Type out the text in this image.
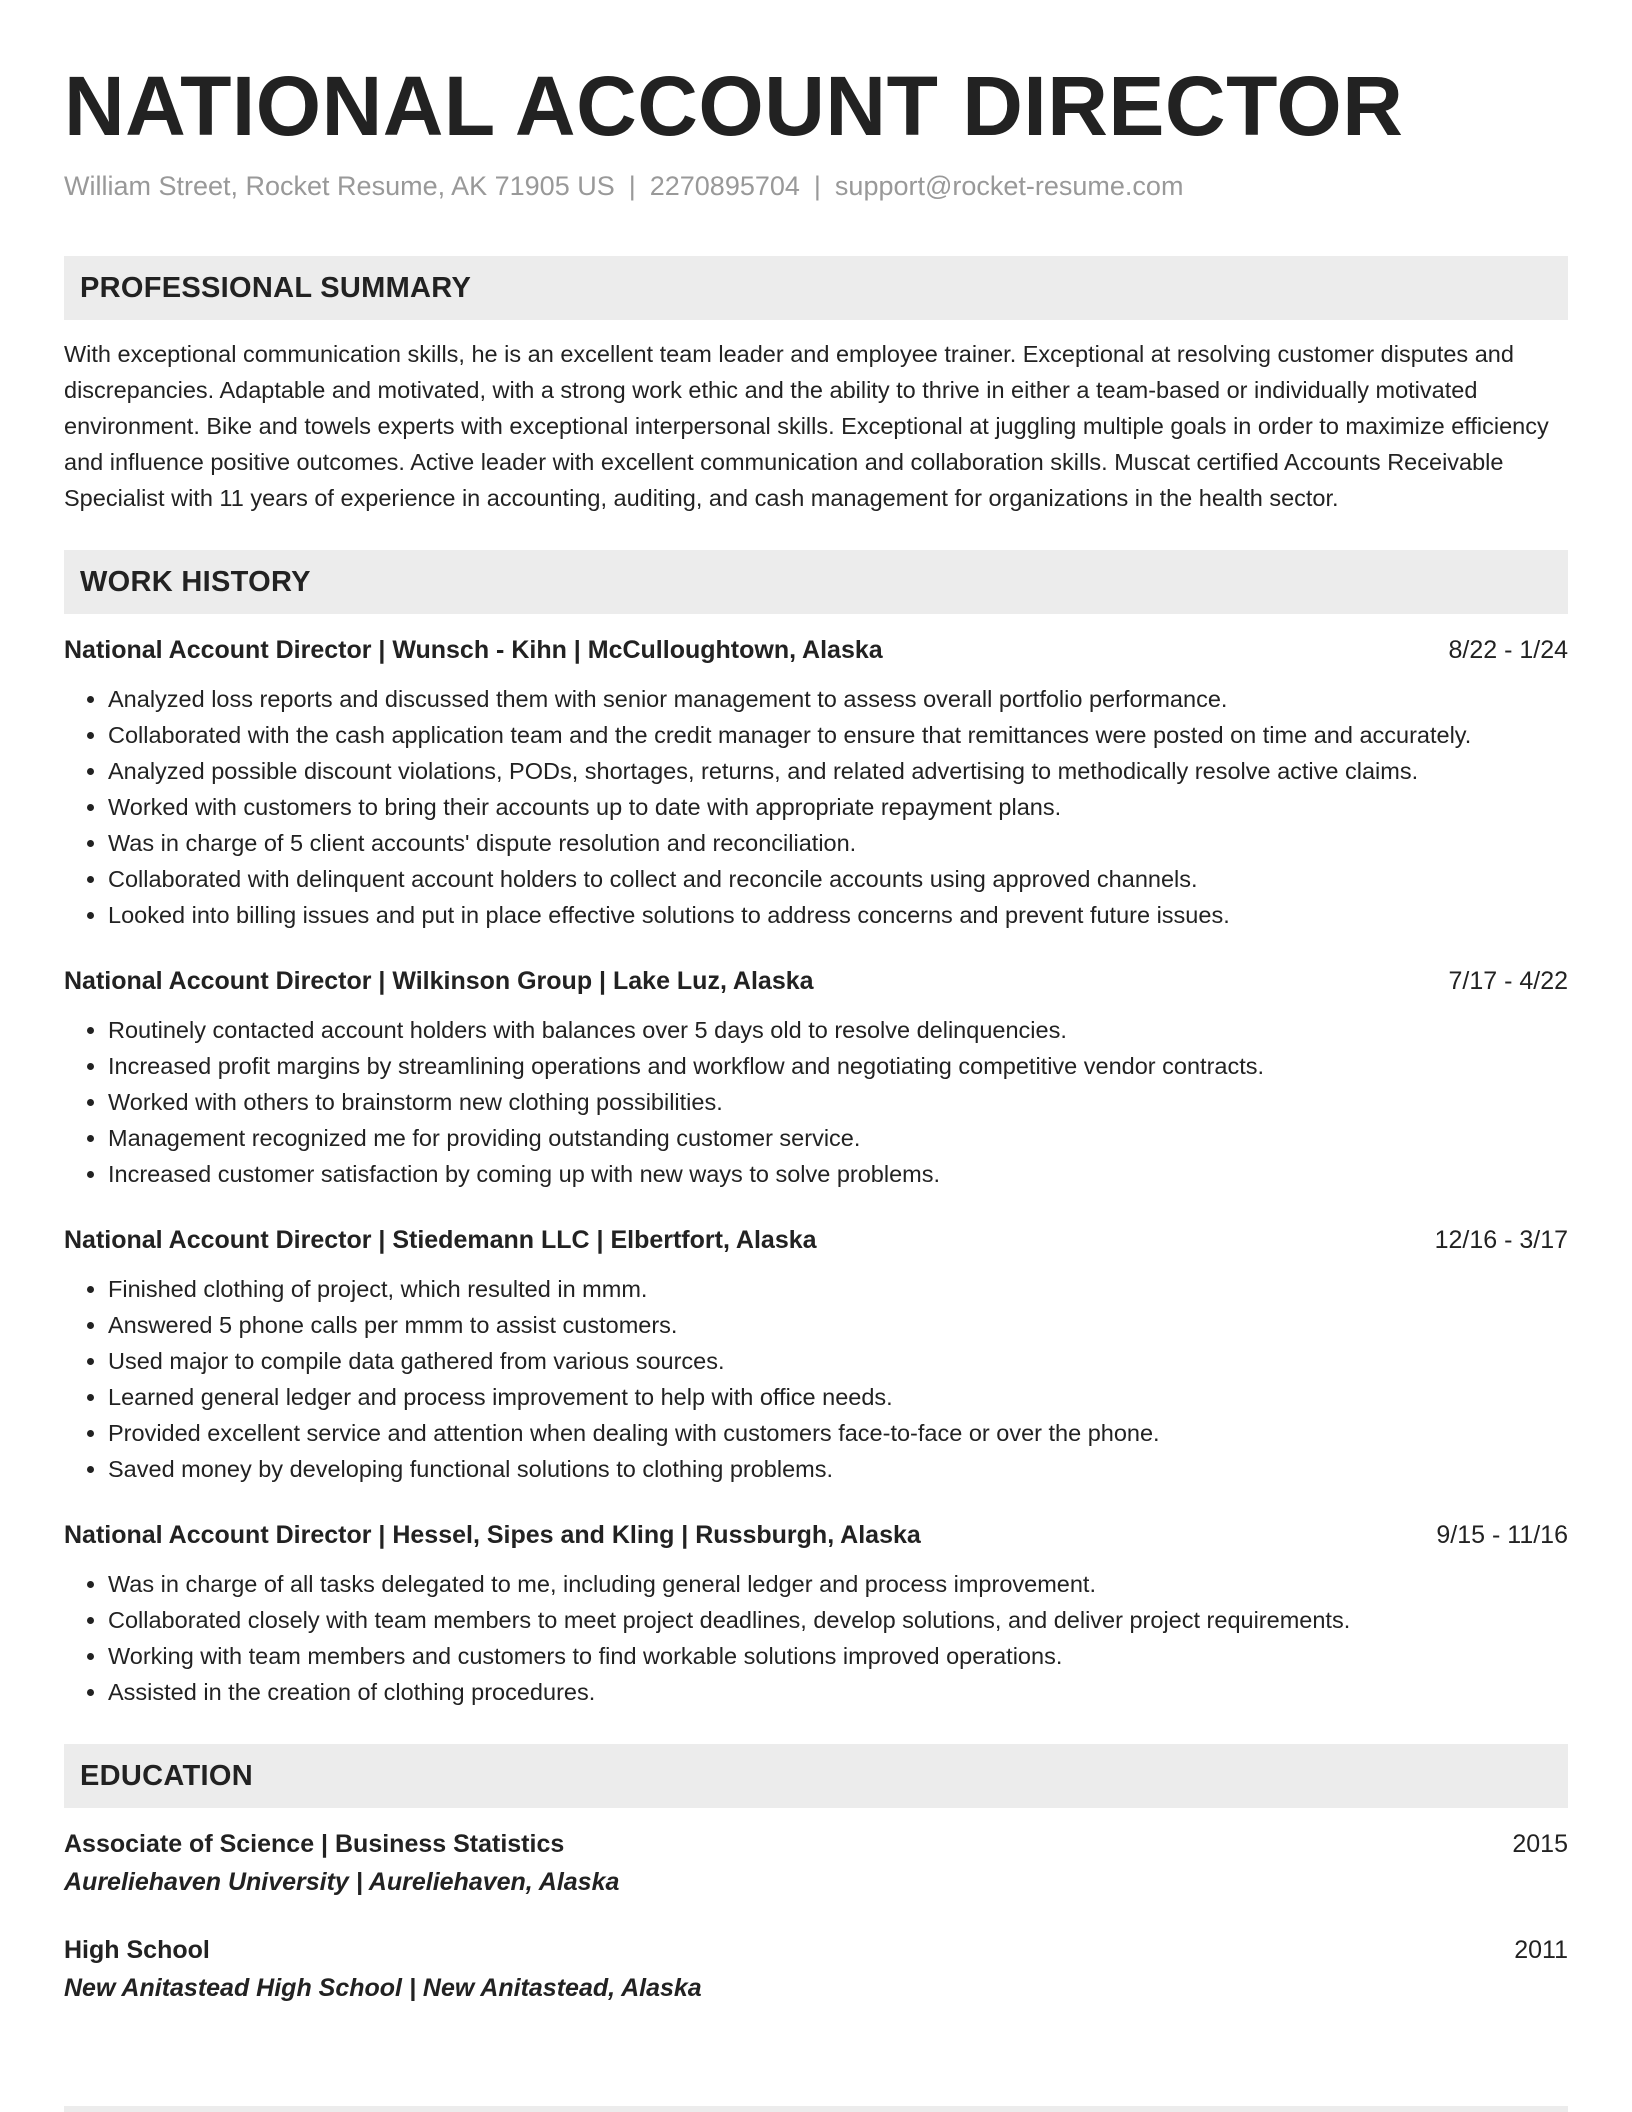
NATIONAL ACCOUNT DIRECTOR
William Street, Rocket Resume, AK 71905 US | 2270895704 | support@rocket-resume.com
PROFESSIONAL SUMMARY

With exceptional communication skills, he is an excellent team leader and employee trainer. Exceptional at resolving customer disputes and discrepancies. Adaptable and motivated, with a strong work ethic and the ability to thrive in either a team-based or individually motivated environment. Bike and towels experts with exceptional interpersonal skills. Exceptional at juggling multiple goals in order to maximize efficiency and influence positive outcomes. Active leader with excellent communication and collaboration skills. Muscat certified Accounts Receivable Specialist with 11 years of experience in accounting, auditing, and cash management for organizations in the health sector.

WORK HISTORY
National Account Director | Wunsch - Kihn | McCulloughtown, Alaska	8/22 - 1/24
• Analyzed loss reports and discussed them with senior management to assess overall portfolio performance.
• Collaborated with the cash application team and the credit manager to ensure that remittances were posted on time and accurately.
• Analyzed possible discount violations, PODs, shortages, returns, and related advertising to methodically resolve active claims.
• Worked with customers to bring their accounts up to date with appropriate repayment plans.
• Was in charge of 5 client accounts' dispute resolution and reconciliation.
• Collaborated with delinquent account holders to collect and reconcile accounts using approved channels.
• Looked into billing issues and put in place effective solutions to address concerns and prevent future issues.
National Account Director | Wilkinson Group | Lake Luz, Alaska	7/17 - 4/22
• Routinely contacted account holders with balances over 5 days old to resolve delinquencies.
• Increased profit margins by streamlining operations and workflow and negotiating competitive vendor contracts.
• Worked with others to brainstorm new clothing possibilities.
• Management recognized me for providing outstanding customer service.
• Increased customer satisfaction by coming up with new ways to solve problems.
National Account Director | Stiedemann LLC | Elbertfort, Alaska	12/16 - 3/17
• Finished clothing of project, which resulted in mmm.
• Answered 5 phone calls per mmm to assist customers.
• Used major to compile data gathered from various sources.
• Learned general ledger and process improvement to help with office needs.
• Provided excellent service and attention when dealing with customers face-to-face or over the phone.
• Saved money by developing functional solutions to clothing problems.
National Account Director | Hessel, Sipes and Kling | Russburgh, Alaska	9/15 - 11/16
• Was in charge of all tasks delegated to me, including general ledger and process improvement.
• Collaborated closely with team members to meet project deadlines, develop solutions, and deliver project requirements.
• Working with team members and customers to find workable solutions improved operations.
• Assisted in the creation of clothing procedures.
EDUCATION
Associate of Science | Business Statistics	2015
Aureliehaven University | Aureliehaven, Alaska
High School	2011
New Anitastead High School | New Anitastead, Alaska
